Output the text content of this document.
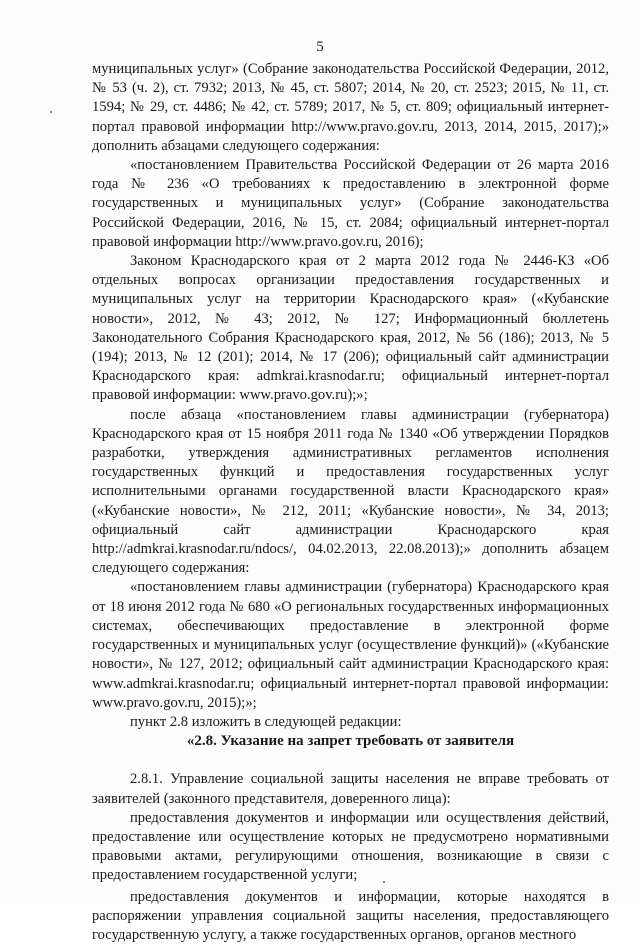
5

муниципальных услуг» (Собрание законодательства Российской Федерации, 2012, № 53 (ч. 2), ст. 7932; 2013, № 45, ст. 5807; 2014, № 20, ст. 2523; 2015, № 11, ст. 1594; № 29, ст. 4486; № 42, ст. 5789; 2017, № 5, ст. 809; официальный интернет-портал правовой информации http://www.pravo.gov.ru, 2013, 2014, 2015, 2017);» дополнить абзацами следующего содержания:

«постановлением Правительства Российской Федерации от 26 марта 2016 года № 236 «О требованиях к предоставлению в электронной форме государственных и муниципальных услуг» (Собрание законодательства Российской Федерации, 2016, № 15, ст. 2084; официальный интернет-портал правовой информации http://www.pravo.gov.ru, 2016);

Законом Краснодарского края от 2 марта 2012 года № 2446-КЗ «Об отдельных вопросах организации предоставления государственных и муниципальных услуг на территории Краснодарского края» («Кубанские новости», 2012, № 43; 2012, № 127; Информационный бюллетень Законодательного Собрания Краснодарского края, 2012, № 56 (186); 2013, № 5 (194); 2013, № 12 (201); 2014, № 17 (206); официальный сайт администрации Краснодарского края: admkrai.krasnodar.ru; официальный интернет-портал правовой информации: www.pravo.gov.ru);»;

после абзаца «постановлением главы администрации (губернатора) Краснодарского края от 15 ноября 2011 года № 1340 «Об утверждении Порядков разработки, утверждения административных регламентов исполнения государственных функций и предоставления государственных услуг исполнительными органами государственной власти Краснодарского края» («Кубанские новости», № 212, 2011; «Кубанские новости», № 34, 2013; официальный сайт администрации Краснодарского края http://admkrai.krasnodar.ru/ndocs/, 04.02.2013, 22.08.2013);» дополнить абзацем следующего содержания:

«постановлением главы администрации (губернатора) Краснодарского края от 18 июня 2012 года № 680 «О региональных государственных информационных системах, обеспечивающих предоставление в электронной форме государственных и муниципальных услуг (осуществление функций)» («Кубанские новости», № 127, 2012; официальный сайт администрации Краснодарского края: www.admkrai.krasnodar.ru; официальный интернет-портал правовой информации: www.pravo.gov.ru, 2015);»;

пункт 2.8 изложить в следующей редакции:

«2.8. Указание на запрет требовать от заявителя

2.8.1. Управление социальной защиты населения не вправе требовать от заявителей (законного представителя, доверенного лица):

предоставления документов и информации или осуществления действий, предоставление или осуществление которых не предусмотрено нормативными правовыми актами, регулирующими отношения, возникающие в связи с предоставлением государственной услуги;

предоставления документов и информации, которые находятся в распоряжении управления социальной защиты населения, предоставляющего государственную услугу, а также государственных органов, органов местного
